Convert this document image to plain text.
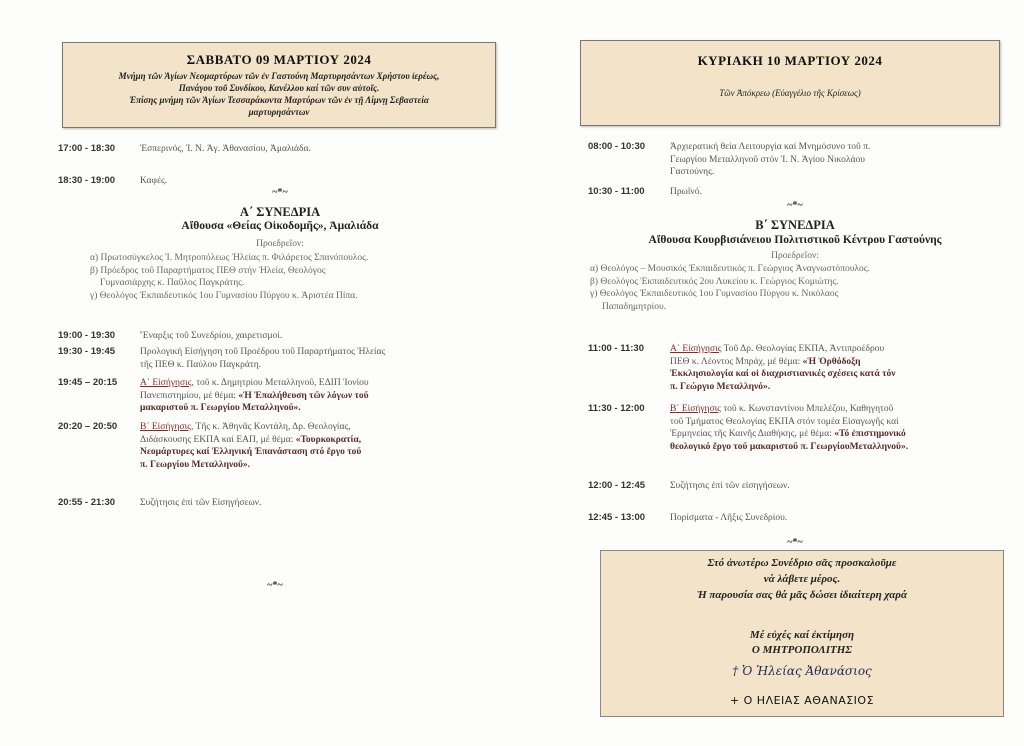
ΣΑΒΒΑΤΟ 09 ΜΑΡΤΙΟΥ 2024
Μνήμη τῶν Ἁγίων Νεομαρτύρων τῶν ἐν Γαστούνη Μαρτυρησάντων Χρήστου ἱερέως,
Πανάγου τοῦ Συνδίκου, Κανέλλου καί τῶν συν αὐτοῖς.
Ἐπίσης μνήμη τῶν Ἁγίων Τεσσαράκοντα Μαρτύρων τῶν ἐν τῇ Λίμνῃ Σεβαστεία
μαρτυρησάντων
17:00 - 18:30	Ἑσπερινός, Ἱ. Ν. Ἁγ. Ἀθανασίου, Ἀμαλιάδα.
18:30 - 19:00	Καφές.
~*~
Α΄ ΣΥΝΕΔΡΙΑ
Αἴθουσα «Θείας Οἰκοδομῆς», Ἀμαλιάδα
Προεδρεῖον:
α) Πρωτοσύγκελος Ἱ. Μητροπόλεως Ἠλείας π. Φιλάρετος Σπανόπουλος.
β) Πρόεδρος τοῦ Παραρτήματος ΠΕΘ στήν Ἠλεία, Θεολόγος
Γυμνασιάρχης κ. Παῦλος Παγκράτης.
γ) Θεολόγος Ἐκπαιδευτικός 1ου Γυμνασίου Πύργου κ. Ἀριστέα Πίπα.
19:00 - 19:30	Ἔναρξις τοῦ Συνεδρίου, χαιρετισμοί.
19:30 - 19:45	Προλογική Εἰσήγηση τοῦ Προέδρου τοῦ Παραρτήματος Ἠλείας
τῆς ΠΕΘ κ. Παύλου Παγκράτη.
19:45 – 20:15 Α΄ Εἰσήγησις, τοῦ κ. Δημητρίου Μεταλληνοῦ, ΕΔΙΠ Ἰονίου
Πανεπιστημίου, μέ θέμα: «Ἡ Ἐπαλήθευση τῶν λόγων τοῦ
μακαριστοῦ π. Γεωργίου Μεταλληνοῦ».
20:20 – 20:50 Β΄ Εἰσήγησις, Τῆς κ. Ἀθηνᾶς Κοντάλη, Δρ. Θεολογίας,
Διδάσκουσης ΕΚΠΑ καί ΕΑΠ, μέ θέμα: «Τουρκοκρατία,
Νεομάρτυρες καί Ἑλληνική Ἐπανάσταση στό ἔργο τοῦ
π. Γεωργίου Μεταλληνοῦ».
20:55 - 21:30	Συζήτησις ἐπί τῶν Εἰσηγήσεων.
~*~
ΚΥΡΙΑΚΗ 10 ΜΑΡΤΙΟΥ 2024
Τῶν Ἀπόκρεω (Εὐαγγέλιο τῆς Κρίσεως)
08:00 - 10:30	Ἀρχιερατική θεία Λειτουργία καί Μνημόσυνο τοῦ π.
Γεωργίου Μεταλληνοῦ στόν Ἱ. Ν. Ἁγίου Νικολάου
Γαστούνης.
10:30 - 11:00	Πρωϊνό.
~*~
Β΄ ΣΥΝΕΔΡΙΑ
Αἴθουσα Κουρβισιάνειου Πολιτιστικοῦ Κέντρου Γαστούνης
Προεδρεῖον:
α) Θεολόγος – Μουσικός Ἐκπαιδευτικός π. Γεώργιος Ἀναγνωστόπουλος.
β) Θεολόγος Ἐκπαιδευτικός 2ου Λυκείου κ. Γεώργιος Κομιώτης.
γ) Θεολόγος Ἐκπαιδευτικός 1ου Γυμνασίου Πύργου κ. Νικόλαος
Παπαδημητρίου.
11:00 - 11:30	Α΄ Εἰσήγησις Τοῦ Δρ. Θεολογίας ΕΚΠΑ, Ἀντιπροέδρου
ΠΕΘ κ. Λέοντος Μπράχ, μέ θέμα: «Ἡ Ὀρθόδοξη
Ἐκκλησιολογία καί οἱ διαχριστιανικές σχέσεις κατά τόν
π. Γεώργιο Μεταλληνό».
11:30 - 12:00	Β΄ Εἰσήγησις τοῦ κ. Κωνσταντίνου Μπελέζου, Καθηγητοῦ
τοῦ Τμήματος Θεολογίας ΕΚΠΑ στόν τομέα Εἰσαγωγῆς καί
Ἑρμηνείας τῆς Καινῆς Διαθήκης, μέ θέμα: «Τό ἐπιστημονικό
θεολογικό ἔργο τοῦ μακαριστοῦ π. ΓεωργίουΜεταλληνοῦ».
12:00 - 12:45	Συζήτησις ἐπί τῶν εἰσηγήσεων.
12:45 - 13:00	Πορίσματα - Λῆξις Συνεδρίου.
~*~
Στό ἀνωτέρω Συνέδριο σᾶς προσκαλοῦμε
νά λάβετε μέρος.
Ἡ παρουσία σας θά μᾶς δώσει ἰδιαίτερη χαρά
Μέ εὐχές καί ἐκτίμηση
Ο ΜΗΤΡΟΠΟΛΙΤΗΣ
† Ὁ Ἠλείας Ἀθανάσιος
+ Ο ΗΛΕΙΑΣ ΑΘΑΝΑΣΙΟΣ
